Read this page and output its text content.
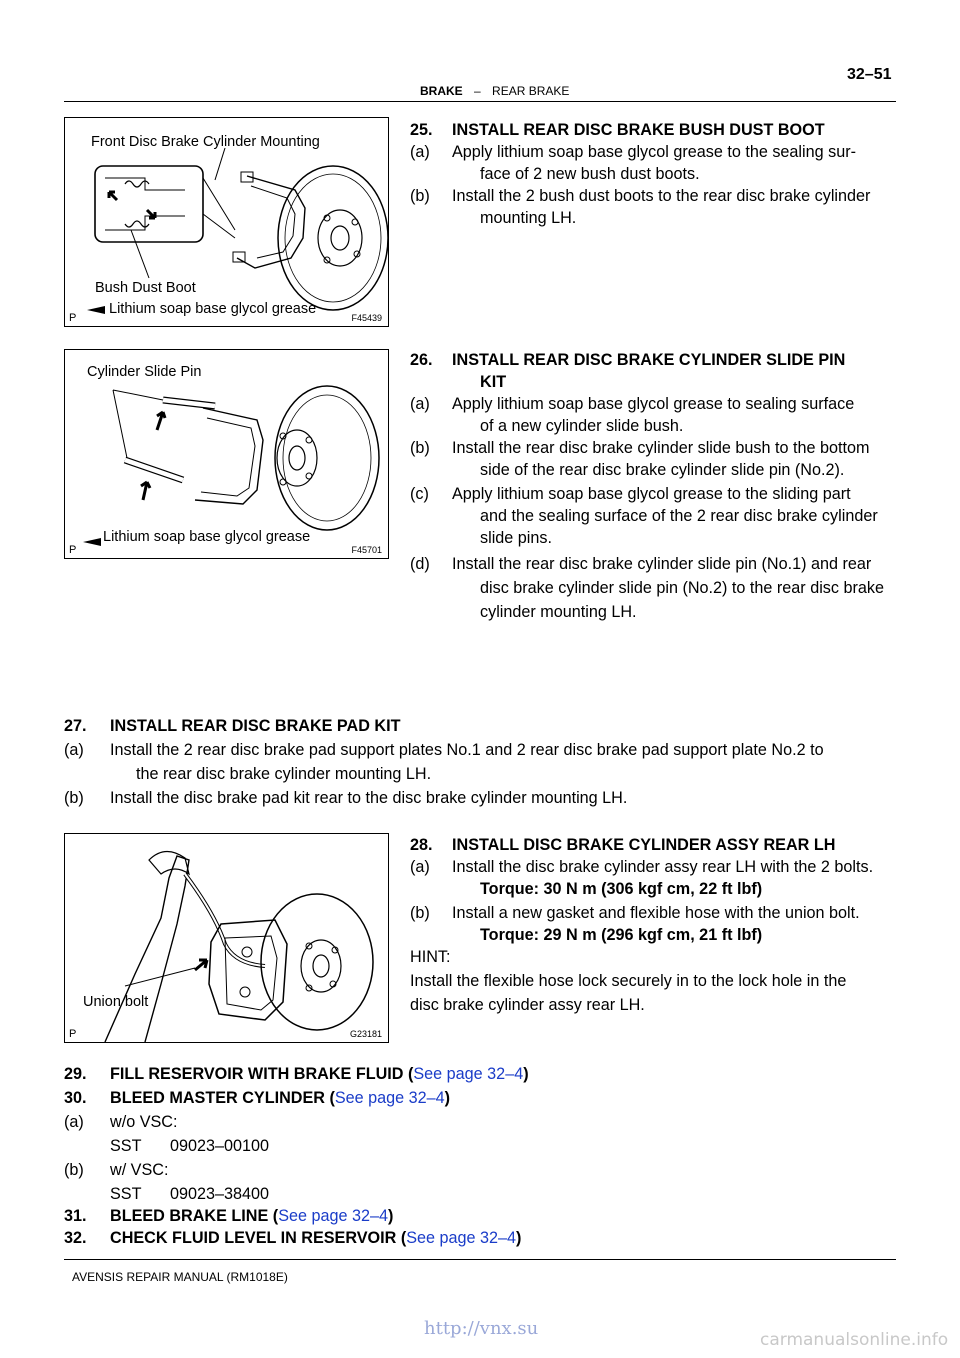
BRAKE – REAR BRAKE
32–51
Front Disc Brake Cylinder Mounting
Bush Dust Boot
Lithium soap base glycol grease
P	F45439
25. INSTALL REAR DISC BRAKE BUSH DUST BOOT
(a) Apply lithium soap base glycol grease to the sealing sur-
face of 2 new bush dust boots.
(b) Install the 2 bush dust boots to the rear disc brake cylinder
mounting LH.
Cylinder Slide Pin
Lithium soap base glycol grease
P	F45701
26. INSTALL REAR DISC BRAKE CYLINDER SLIDE PIN
KIT
(a) Apply lithium soap base glycol grease to sealing surface
of a new cylinder slide bush.
(b) Install the rear disc brake cylinder slide bush to the bottom
side of the rear disc brake cylinder slide pin (No.2).
(c) Apply lithium soap base glycol grease to the sliding part
and the sealing surface of the 2 rear disc brake cylinder
slide pins.
(d) Install the rear disc brake cylinder slide pin (No.1) and rear
disc brake cylinder slide pin (No.2) to the rear disc brake
cylinder mounting LH.
27. INSTALL REAR DISC BRAKE PAD KIT
(a) Install the 2 rear disc brake pad support plates No.1 and 2 rear disc brake pad support plate No.2 to
the rear disc brake cylinder mounting LH.
(b) Install the disc brake pad kit rear to the disc brake cylinder mounting LH.
Union bolt
P	G23181
28. INSTALL DISC BRAKE CYLINDER ASSY REAR LH
(a) Install the disc brake cylinder assy rear LH with the 2 bolts.
Torque: 30 N m (306 kgf cm, 22 ft lbf)
(b) Install a new gasket and flexible hose with the union bolt.
Torque: 29 N m (296 kgf cm, 21 ft lbf)
HINT:
Install the flexible hose lock securely in to the lock hole in the
disc brake cylinder assy rear LH.
29. FILL RESERVOIR WITH BRAKE FLUID (See page 32–4)
30. BLEED MASTER CYLINDER (See page 32–4)
(a) w/o VSC:
SST 09023–00100
(b) w/ VSC:
SST 09023–38400
31. BLEED BRAKE LINE (See page 32–4)
32. CHECK FLUID LEVEL IN RESERVOIR (See page 32–4)
AVENSIS REPAIR MANUAL (RM1018E)
http://vnx.su
carmanualsonline.info
